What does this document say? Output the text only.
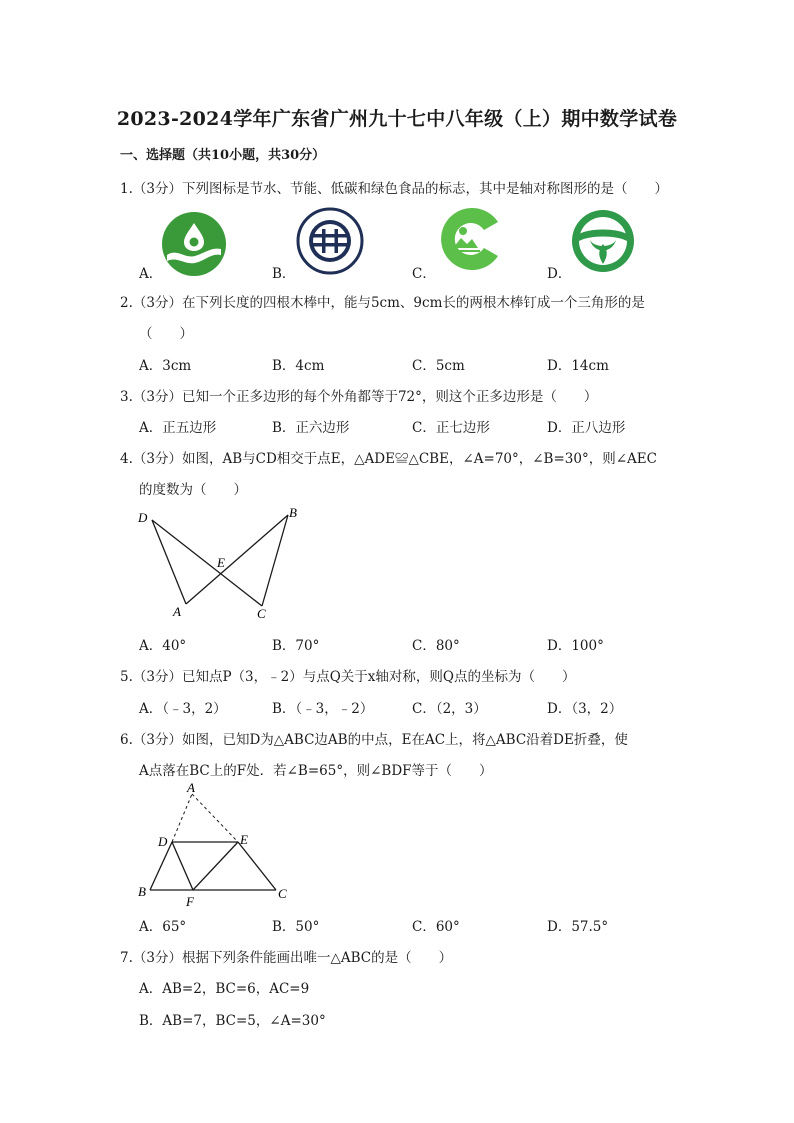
2023-2024学年广东省广州九十七中八年级（上）期中数学试卷
一、选择题（共10小题，共30分）
1.（3分）下列图标是节水、节能、低碳和绿色食品的标志，其中是轴对称图形的是（　　）
A．	B．	C．	D．
2.（3分）在下列长度的四根木棒中，能与5cm、9cm长的两根木棒钉成一个三角形的是
（　　）
A．3cm	B．4cm	C．5cm	D．14cm
3.（3分）已知一个正多边形的每个外角都等于72°，则这个正多边形是（　　）
A．正五边形	B．正六边形	C．正七边形	D．正八边形
4.（3分）如图，AB与CD相交于点E，△ADE≌△CBE，∠A=70°，∠B=30°，则∠AEC
的度数为（　　）
D	B
E
A	C
A．40°	B．70°	C．80°	D．100°
5.（3分）已知点P（3，﹣2）与点Q关于x轴对称，则Q点的坐标为（　　）
A．（﹣3，2）	B．（﹣3，﹣2）	C．（2，3）	D．（3，2）
6.（3分）如图，已知D为△ABC边AB的中点，E在AC上，将△ABC沿着DE折叠，使
A点落在BC上的F处．若∠B=65°，则∠BDF等于（　　）
A
D	E
B
F
C
A．65°	B．50°	C．60°	D．57.5°
7.（3分）根据下列条件能画出唯一△ABC的是（　　）
A．AB=2，BC=6，AC=9
B．AB=7，BC=5，∠A=30°
